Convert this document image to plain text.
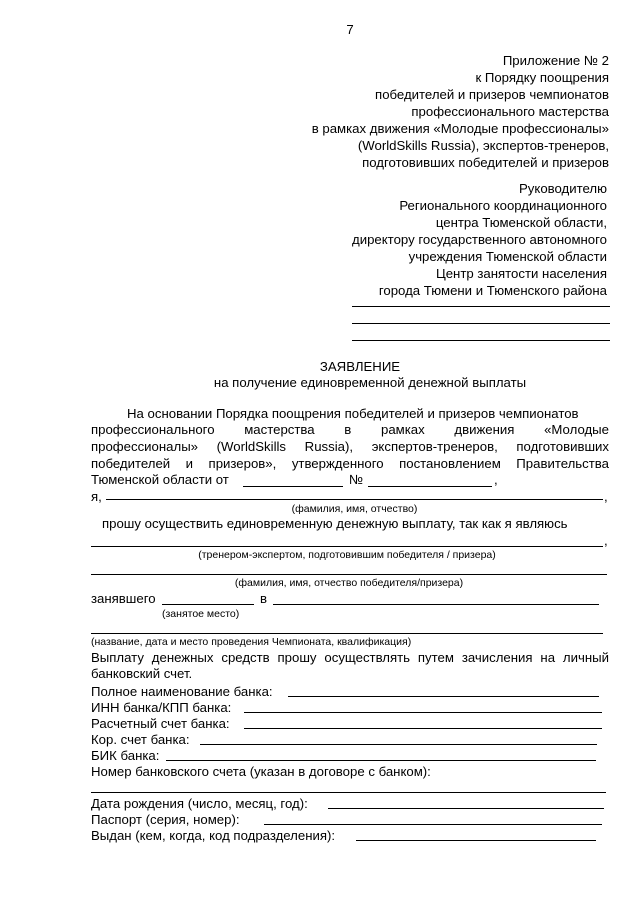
7
Приложение № 2
к Порядку поощрения
победителей и призеров чемпионатов
профессионального мастерства
в рамках движения «Молодые профессионалы»
(WorldSkills Russia), экспертов-тренеров,
подготовивших победителей и призеров
Руководителю
Регионального координационного
центра Тюменской области,
директору государственного автономного
учреждения Тюменской области
Центр занятости населения
города Тюмени и Тюменского района
ЗАЯВЛЕНИЕ
на получение единовременной денежной выплаты
На основании Порядка поощрения победителей и призеров чемпионатов
профессионального мастерства в рамках движения «Молодые
профессионалы» (WorldSkills Russia), экспертов-тренеров, подготовивших
победителей и призеров», утвержденного постановлением Правительства
Тюменской области от	№	,
я,	,
(фамилия, имя, отчество)
прошу осуществить единовременную денежную выплату, так как я являюсь
,
(тренером-экспертом, подготовившим победителя / призера)
(фамилия, имя, отчество победителя/призера)
занявшего	в
(занятое место)
(название, дата и место проведения Чемпионата, квалификация)
Выплату денежных средств прошу осуществлять путем зачисления на личный
банковский счет.
Полное наименование банка:
ИНН банка/КПП банка:
Расчетный счет банка:
Кор. счет банка:
БИК банка:
Номер банковского счета (указан в договоре с банком):
Дата рождения (число, месяц, год):
Паспорт (серия, номер):
Выдан (кем, когда, код подразделения):
